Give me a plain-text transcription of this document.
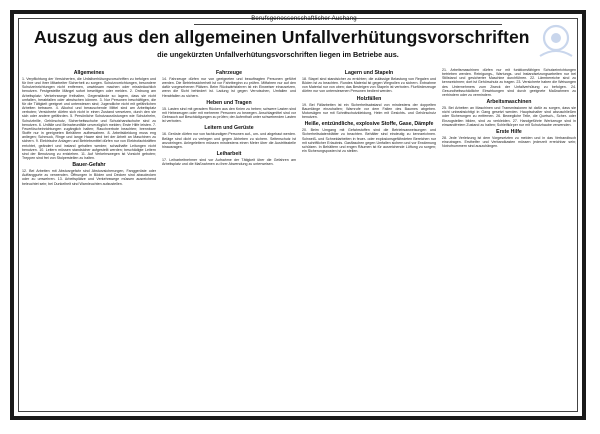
Berufsgenossenschaftlicher Aushang
Auszug aus den allgemeinen Unfallverhütungsvorschriften
die ungekürzten Unfallverhütungsvorschriften liegen im Betriebe aus.
Allgemeines

1. Verpflichtung der Versicherten, die Unfallverhütungsvorschriften zu befolgen und für ihre und ihrer Mitarbeiter Sicherheit zu sorgen. Schutzvorrichtungen, besondere Schutzeinrichtungen nicht entfernen, unwirksam machen oder missbräuchlich benutzen. Festgestellte Mängel sofort beseitigen oder melden. 2. Ordnung am Arbeitsplatz: Verkehrswege freihalten, Gegenstände so lagern, dass sie nicht umfallen, herabfallen oder abrutschen können. 3. Nur Personen beschäftigen, die für die Tätigkeit geeignet und unterwiesen sind; Jugendliche nicht mit gefährlichen Arbeiten betrauen. 4. Alkohol und berauschende Mittel sind am Arbeitsplatz verboten; Versicherte dürfen sich nicht in einen Zustand versetzen, durch den sie sich oder andere gefährden. 5. Persönliche Schutzausrüstungen wie Schutzhelm, Schutzbrille, Gehörschutz, Sicherheitsschuhe und Schutzhandschuhe sind zu benutzen. 6. Unfälle und Beinaheunfälle unverzüglich melden; Erste Hilfe leisten. 7. Feuerlöscheinrichtungen zugänglich halten; Rauchverbote beachten; brennbare Stoffe nur in geeigneten Behältern aufbewahren. 8. Arbeitskleidung muss eng anliegen; Schmuck, Ringe und lange Haare sind bei der Arbeit an Maschinen zu sichern. 9. Elektrische Anlagen und Betriebsmittel dürfen nur von Elektrofachkräften errichtet, geändert und instand gehalten werden; schadhafte Leitungen nicht benutzen. 10. Leitern müssen standsicher aufgestellt werden; beschädigte Leitern sind der Benutzung zu entziehen. 11. Auf Verkehrswegen ist Vorsicht geboten; Treppen sind frei von Stolperstellen zu halten.

Bauer-Gefahr

12. Bei Arbeiten mit Absturzgefahr sind Absturzsicherungen, Fanggerüste oder Auffanggurte zu verwenden. Öffnungen in Böden und Decken sind abzudecken oder zu umwehren. 13. Arbeitsplätze und Verkehrswege müssen ausreichend beleuchtet sein; bei Dunkelheit sind Warnleuchten aufzustellen.

Fahrzeuge

14. Fahrzeuge dürfen nur von geeigneten und beauftragten Personen geführt werden. Die Betriebssicherheit ist vor Fahrtbeginn zu prüfen. Mitfahren nur auf den dafür vorgesehenen Plätzen. Beim Rückwärtsfahren ist ein Einweiser einzusetzen, wenn die Sicht behindert ist. Ladung ist gegen Verrutschen, Umfallen und Herabfallen zu sichern.

Heben und Tragen

15. Lasten sind mit geradem Rücken aus den Knien zu heben; schwere Lasten sind mit Hebezeugen oder mit mehreren Personen zu bewegen. Anschlagmittel sind vor Gebrauch auf Beschädigungen zu prüfen; der Aufenthalt unter schwebenden Lasten ist verboten.

Leitern und Gerüste

16. Gerüste dürfen nur von fachkundigen Personen auf-, um- und abgebaut werden. Beläge sind dicht zu verlegen und gegen Abheben zu sichern. Seitenschutz ist anzubringen. Anlegeleitern müssen mindestens einen Meter über die Austrittsstelle hinausragen.

Leiharbeit

17. Leiharbeitnehmer sind vor Aufnahme der Tätigkeit über die Gefahren am Arbeitsplatz und die Maßnahmen zu ihrer Abwendung zu unterweisen.

Lagern und Stapeln

18. Stapel sind standsicher zu errichten; die zulässige Belastung von Regalen und Böden ist zu beachten. Rundes Material ist gegen Wegrollen zu sichern. Entnahme von Material nur von oben; das Besteigen von Stapeln ist verboten. Flurförderzeuge dürfen nur von unterwiesenen Personen bedient werden.

Holzfällen

19. Bei Fällarbeiten ist ein Sicherheitsabstand von mindestens der doppelten Baumlänge einzuhalten; Warnrufe vor dem Fallen des Baumes abgeben. Motorsägen nur mit Schnittschutzkleidung, Helm mit Gesichts- und Gehörschutz benutzen.

Heiße, entzündliche, explosive Stoffe, Gase, Dämpfe

20. Beim Umgang mit Gefahrstoffen sind die Betriebsanweisungen und Sicherheitsdatenblätter zu beachten. Behälter sind eindeutig zu kennzeichnen. Schweiß- und Schneidarbeiten in feuer- oder explosionsgefährdeten Bereichen nur mit schriftlicher Erlaubnis. Gasflaschen gegen Umfallen sichern und vor Erwärmung schützen. In Behältern und engen Räumen ist für ausreichende Lüftung zu sorgen; ein Sicherungsposten ist zu stellen.

21. Arbeitsmaschinen dürfen nur mit funktionsfähigen Schutzeinrichtungen betrieben werden. Reinigungs-, Wartungs- und Instandsetzungsarbeiten nur bei Stillstand und gesicherter Maschine durchführen. 22. Lärmbereiche sind zu kennzeichnen; dort ist Gehörschutz zu tragen. 23. Versicherte haben die Weisungen des Unternehmers zum Zweck der Unfallverhütung zu befolgen. 24. Gesundheitsschädliche Einwirkungen sind durch geeignete Maßnahmen zu verhindern oder zu vermindern.

Arbeitsmaschinen

25. Bei Arbeiten an Maschinen und Transmissionen ist dafür zu sorgen, dass sie nicht unbeabsichtigt in Gang gesetzt werden. Hauptschalter sind abzuschließen oder Sicherungen zu entfernen. 26. Bewegliche Teile, die Quetsch-, Scher- oder Einzugstellen bilden, sind zu verkleiden. 27. Handgeführte Werkzeuge sind in einwandfreiem Zustand zu halten; Schleifkörper nur mit Schutzhaube verwenden.

Erste Hilfe

28. Jede Verletzung ist dem Vorgesetzten zu melden und in das Verbandbuch einzutragen. Ersthelfer und Verbandkasten müssen jederzeit erreichbar sein; Notrufnummern sind auszuhängen.
